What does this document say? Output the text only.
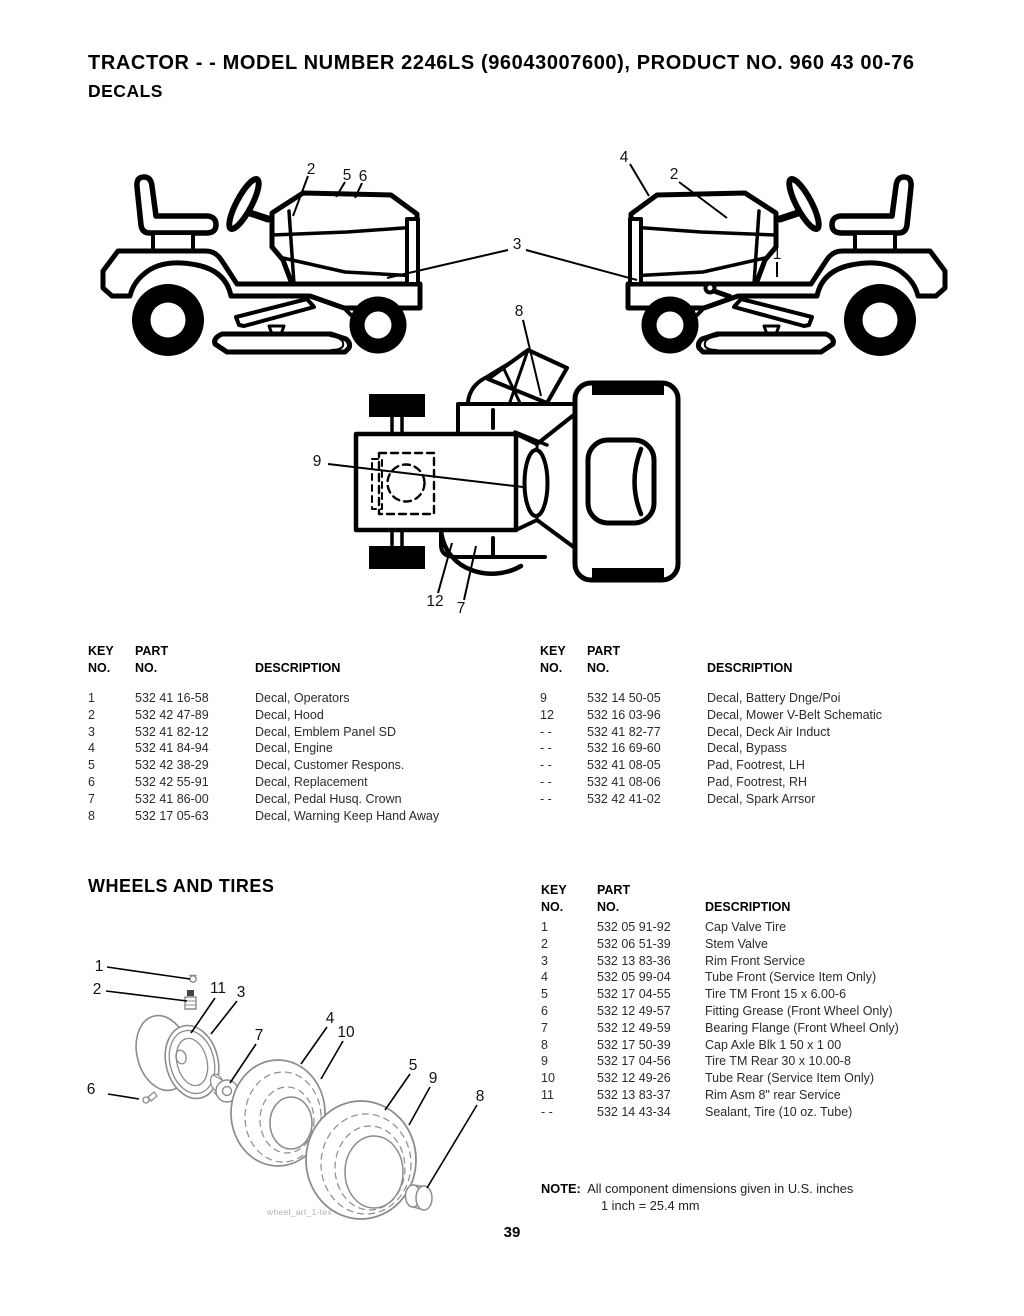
TRACTOR - - MODEL NUMBER 2246LS (96043007600), PRODUCT NO. 960 43 00-76
DECALS
2 5 6
3
4
2
1
8
9
12 7
KEY	PART
NO.	NO.	DESCRIPTION
1	532 41 16-58	Decal, Operators
2	532 42 47-89	Decal, Hood
3	532 41 82-12	Decal, Emblem Panel SD
4	532 41 84-94	Decal, Engine
5	532 42 38-29	Decal, Customer Respons.
6	532 42 55-91	Decal, Replacement
7	532 41 86-00	Decal, Pedal Husq. Crown
8	532 17 05-63	Decal, Warning Keep Hand Away
KEY	PART
NO.	NO.	DESCRIPTION
9	532 14 50-05	Decal, Battery Dnge/Poi
12	532 16 03-96	Decal, Mower V-Belt Schematic
- -	532 41 82-77	Decal, Deck Air Induct
- -	532 16 69-60	Decal, Bypass
- -	532 41 08-05	Pad, Footrest, LH
- -	532 41 08-06	Pad, Footrest, RH
- -	532 42 41-02	Decal, Spark Arrsor
WHEELS AND TIRES	KEY	PART
NO.	NO.	DESCRIPTION
1	532 05 91-92	Cap Valve Tire
2	532 06 51-39	Stem Valve
3	532 13 83-36	Rim Front Service
4	532 05 99-04	Tube Front (Service Item Only)
5	532 17 04-55	Tire TM Front 15 x 6.00-6
6	532 12 49-57	Fitting Grease (Front Wheel Only)
7	532 12 49-59	Bearing Flange (Front Wheel Only)
8	532 17 50-39	Cap Axle Blk 1 50 x 1 00
9	532 17 04-56	Tire TM Rear 30 x 10.00-8
10	532 12 49-26	Tube Rear (Service Item Only)
11	532 13 83-37	Rim Asm 8" rear Service
- -	532 14 43-34	Sealant, Tire (10 oz. Tube)
1
2	11 3
7
4
10
5
9
8
6
wheel_art_1-tex
NOTE: All component dimensions given in U.S. inches
1 inch = 25.4 mm
39
